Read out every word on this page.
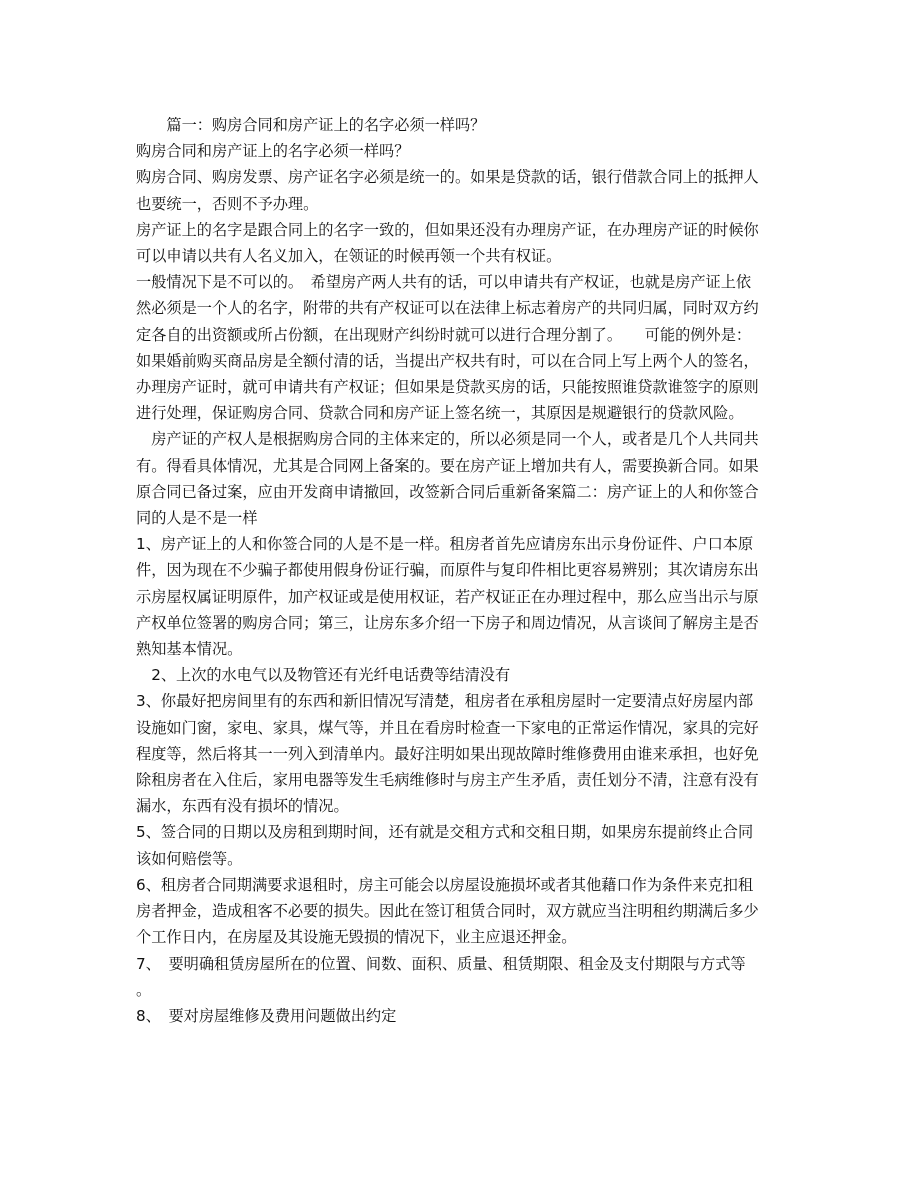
　　篇一：购房合同和房产证上的名字必须一样吗？
购房合同和房产证上的名字必须一样吗？
购房合同、购房发票、房产证名字必须是统一的。如果是贷款的话，银行借款合同上的抵押人
也要统一，否则不予办理。
房产证上的名字是跟合同上的名字一致的，但如果还没有办理房产证，在办理房产证的时候你
可以申请以共有人名义加入，在领证的时候再领一个共有权证。
一般情况下是不可以的。　希望房产两人共有的话，可以申请共有产权证，也就是房产证上依
然必须是一个人的名字，附带的共有产权证可以在法律上标志着房产的共同归属，同时双方约
定各自的出资额或所占份额，在出现财产纠纷时就可以进行合理分割了。　　可能的例外是：
如果婚前购买商品房是全额付清的话，当提出产权共有时，可以在合同上写上两个人的签名，
办理房产证时，就可申请共有产权证；但如果是贷款买房的话，只能按照谁贷款谁签字的原则
进行处理，保证购房合同、贷款合同和房产证上签名统一，其原因是规避银行的贷款风险。
　房产证的产权人是根据购房合同的主体来定的，所以必须是同一个人，或者是几个人共同共
有。得看具体情况，尤其是合同网上备案的。要在房产证上增加共有人，需要换新合同。如果
原合同已备过案，应由开发商申请撤回，改签新合同后重新备案篇二：房产证上的人和你签合
同的人是不是一样
1、房产证上的人和你签合同的人是不是一样。租房者首先应请房东出示身份证件、户口本原
件，因为现在不少骗子都使用假身份证行骗，而原件与复印件相比更容易辨别；其次请房东出
示房屋权属证明原件，加产权证或是使用权证，若产权证正在办理过程中，那么应当出示与原
产权单位签署的购房合同；第三，让房东多介绍一下房子和周边情况，从言谈间了解房主是否
熟知基本情况。
　2、上次的水电气以及物管还有光纤电话费等结清没有
3、你最好把房间里有的东西和新旧情况写清楚，租房者在承租房屋时一定要清点好房屋内部
设施如门窗，家电、家具，煤气等，并且在看房时检查一下家电的正常运作情况，家具的完好
程度等，然后将其一一列入到清单内。最好注明如果出现故障时维修费用由谁来承担，也好免
除租房者在入住后，家用电器等发生毛病维修时与房主产生矛盾，责任划分不清，注意有没有
漏水，东西有没有损坏的情况。
5、签合同的日期以及房租到期时间，还有就是交租方式和交租日期，如果房东提前终止合同
该如何赔偿等。
6、租房者合同期满要求退租时，房主可能会以房屋设施损坏或者其他藉口作为条件来克扣租
房者押金，造成租客不必要的损失。因此在签订租赁合同时，双方就应当注明租约期满后多少
个工作日内，在房屋及其设施无毁损的情况下，业主应退还押金。
7、　要明确租赁房屋所在的位置、间数、面积、质量、租赁期限、租金及支付期限与方式等
。
8、　要对房屋维修及费用问题做出约定
